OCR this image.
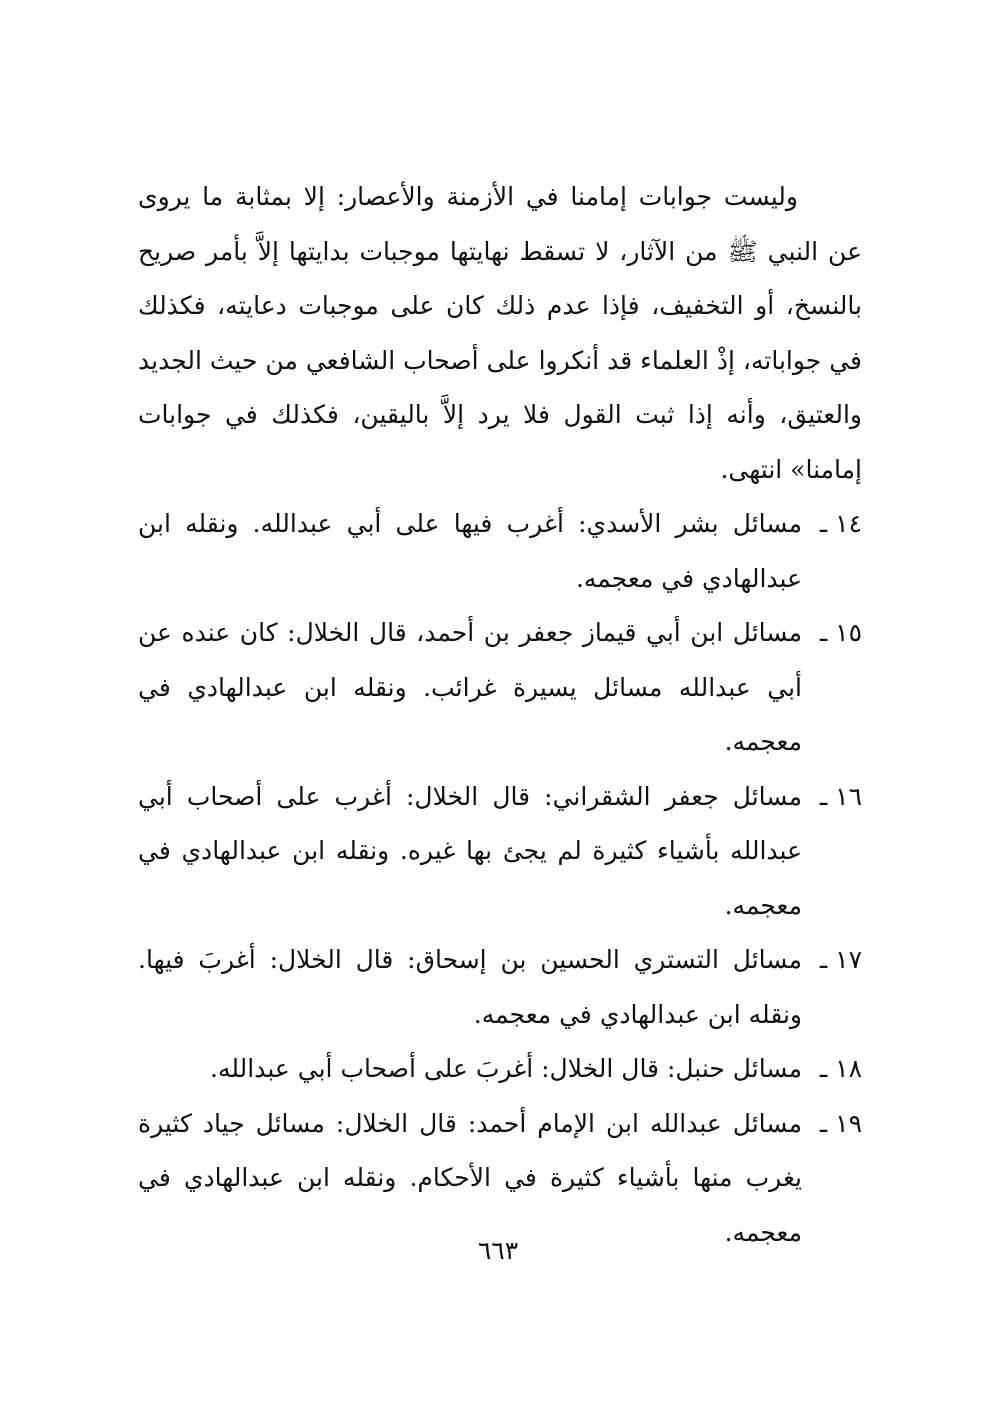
وليست جوابات إمامنا في الأزمنة والأعصار: إلا بمثابة ما يروى عن النبي ﷺ من الآثار، لا تسقط نهايتها موجبات بدايتها إلاَّ بأمر صريح بالنسخ، أو التخفيف، فإذا عدم ذلك كان على موجبات دعايته، فكذلك في جواباته، إذْ العلماء قد أنكروا على أصحاب الشافعي من حيث الجديد والعتيق، وأنه إذا ثبت القول فلا يرد إلاَّ باليقين، فكذلك في جوابات إمامنا» انتهى.

١٤ ـ
مسائل بشر الأسدي: أغرب فيها على أبي عبدالله. ونقله ابن عبدالهادي في معجمه.
١٥ ـ
مسائل ابن أبي قيماز جعفر بن أحمد، قال الخلال: كان عنده عن أبي عبدالله مسائل يسيرة غرائب. ونقله ابن عبدالهادي في معجمه.
١٦ ـ
مسائل جعفر الشقراني: قال الخلال: أغرب على أصحاب أبي عبدالله بأشياء كثيرة لم يجئ بها غيره. ونقله ابن عبدالهادي في معجمه.
١٧ ـ
مسائل التستري الحسين بن إسحاق: قال الخلال: أغربَ فيها. ونقله ابن عبدالهادي في معجمه.
١٨ ـ
مسائل حنبل: قال الخلال: أغربَ على أصحاب أبي عبدالله.
١٩ ـ
مسائل عبدالله ابن الإمام أحمد: قال الخلال: مسائل جياد كثيرة يغرب منها بأشياء كثيرة في الأحكام. ونقله ابن عبدالهادي في معجمه.
٦٦٣
